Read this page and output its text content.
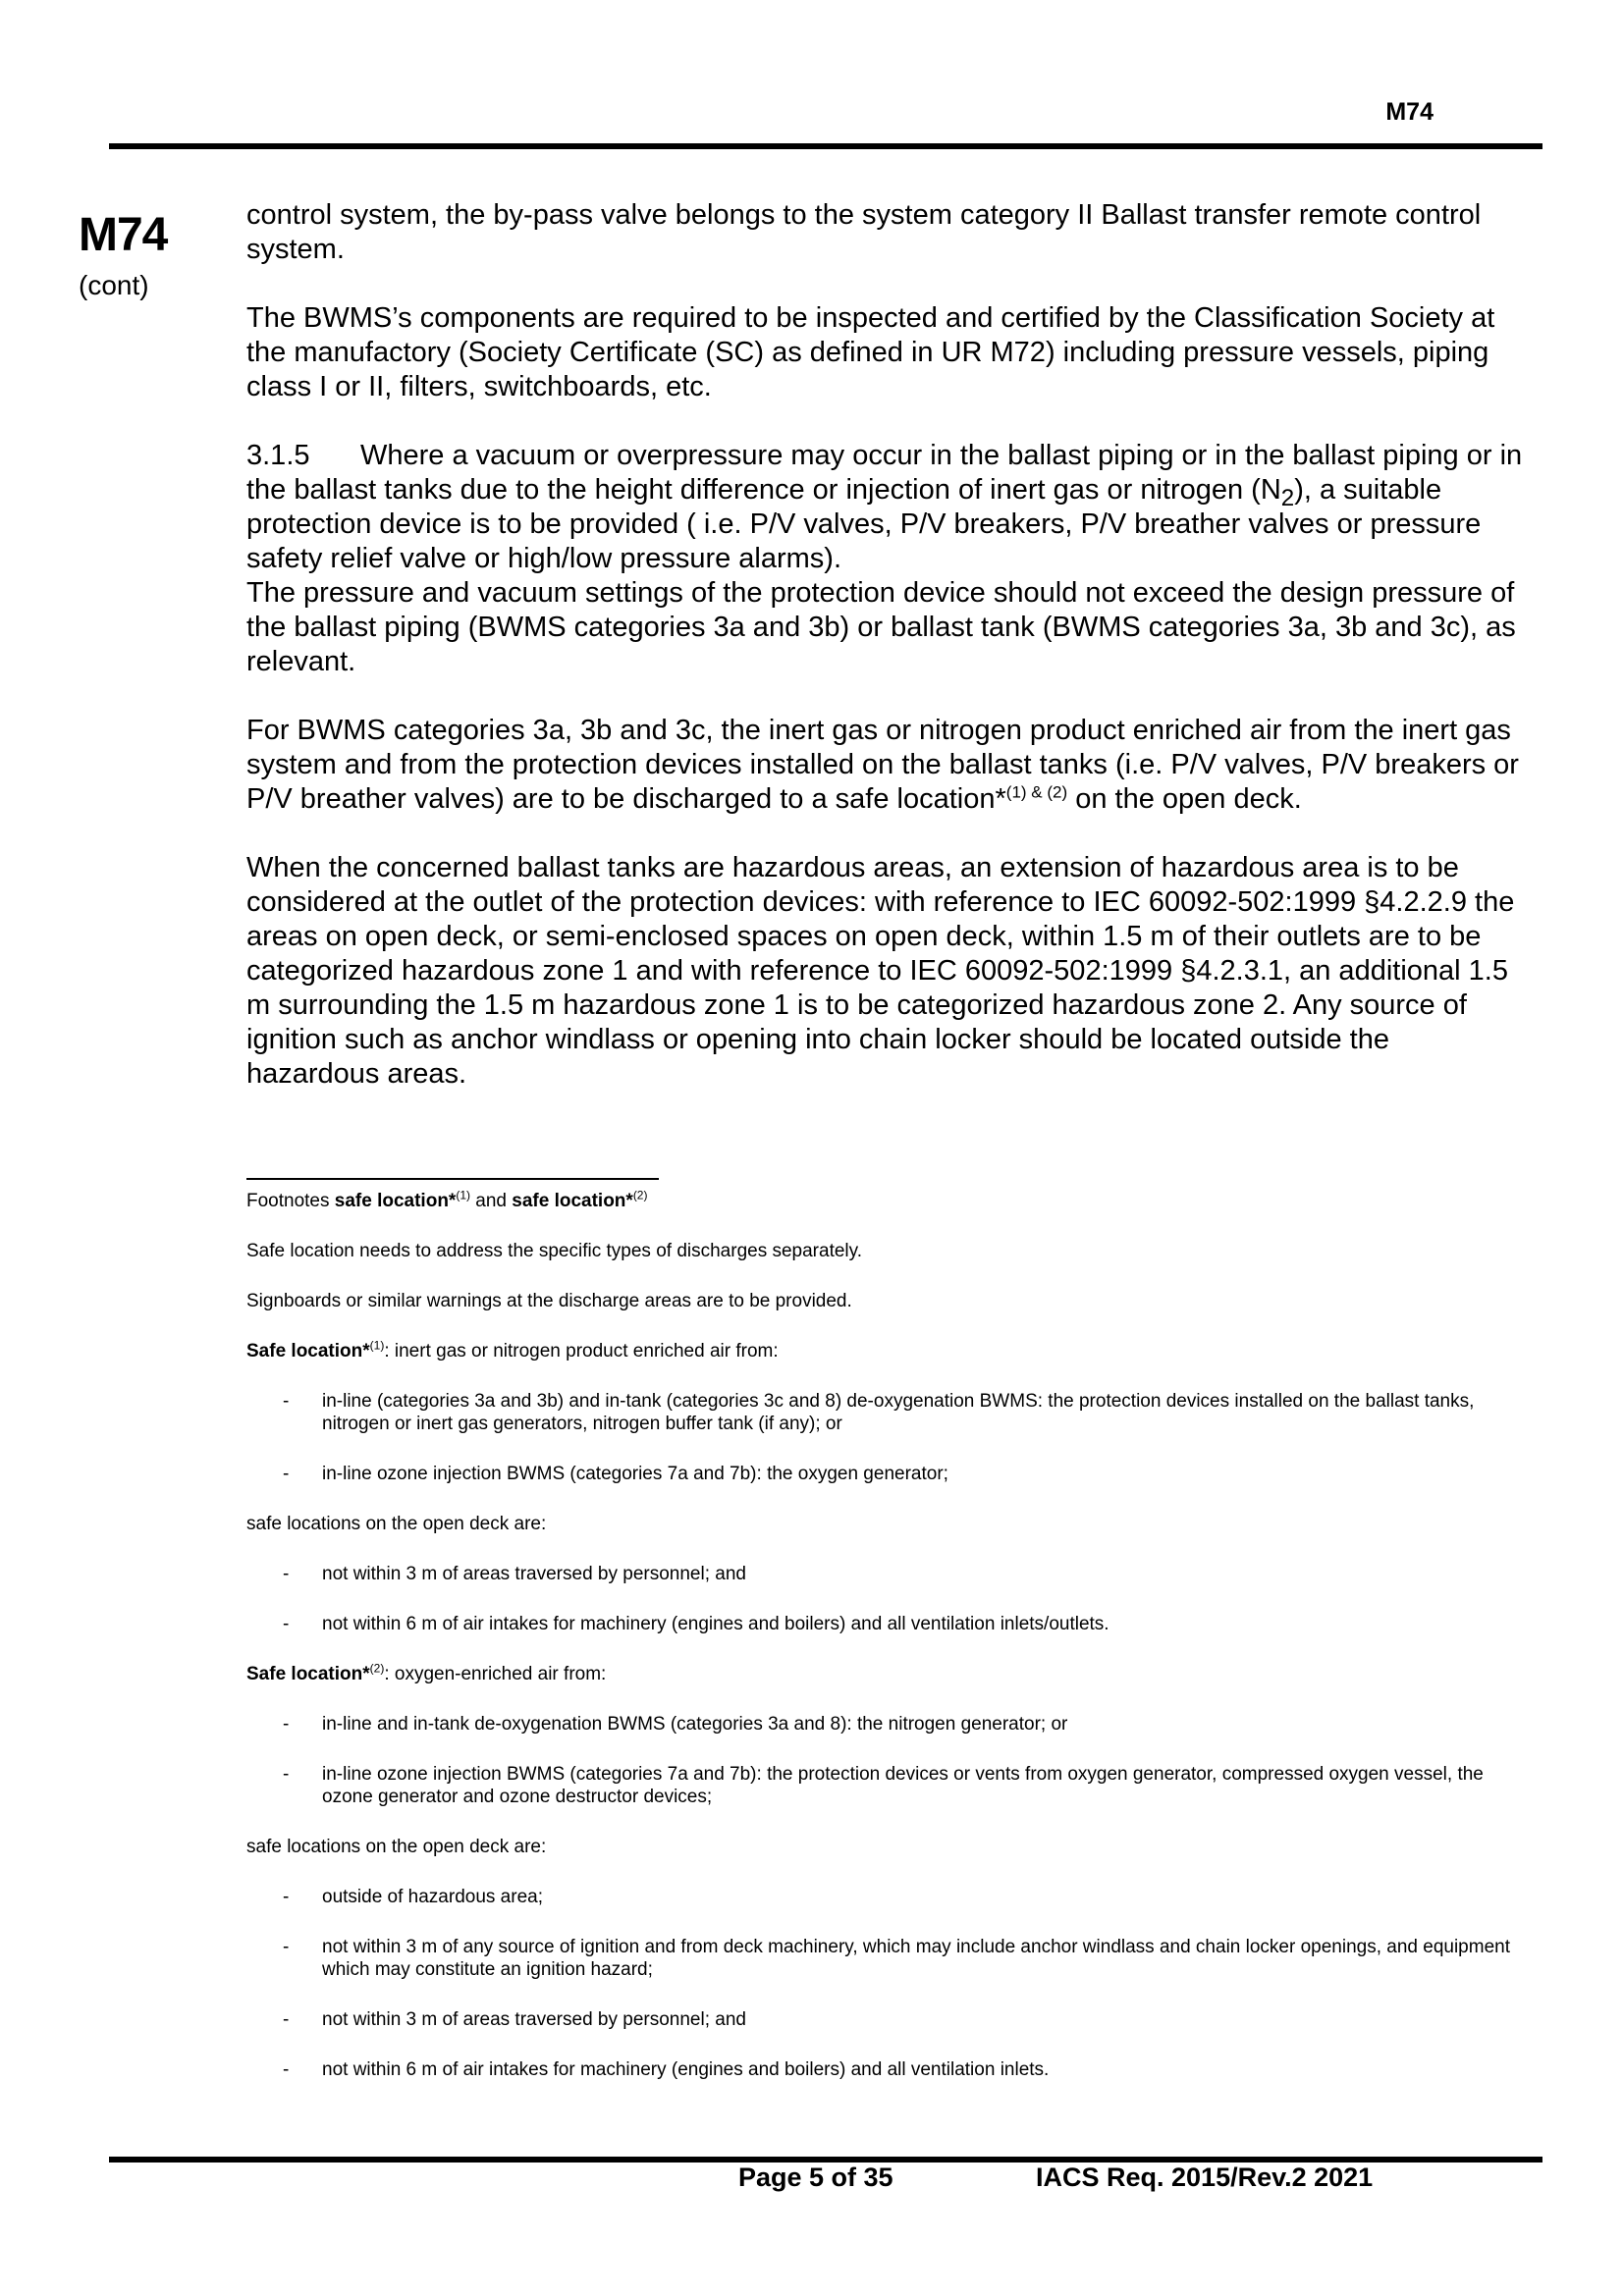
M74
M74
(cont)

control system, the by-pass valve belongs to the system category II Ballast transfer remote control system.

The BWMS’s components are required to be inspected and certified by the Classification Society at the manufactory (Society Certificate (SC) as defined in UR M72) including pressure vessels, piping class I or II, filters, switchboards, etc.

3.1.5 Where a vacuum or overpressure may occur in the ballast piping or in the ballast piping or in the ballast tanks due to the height difference or injection of inert gas or nitrogen $(N_2)$, a suitable protection device is to be provided ( i.e. P/V valves, P/V breakers, P/V breather valves or pressure safety relief valve or high/low pressure alarms).

The pressure and vacuum settings of the protection device should not exceed the design pressure of the ballast piping (BWMS categories 3a and 3b) or ballast tank (BWMS categories 3a, 3b and 3c), as relevant.

For BWMS categories 3a, 3b and 3c, the inert gas or nitrogen product enriched air from the inert gas system and from the protection devices installed on the ballast tanks (i.e. P/V valves, P/V breakers or P/V breather valves) are to be discharged to a safe location*$^{(1) \& (2)}$ on the open deck.

When the concerned ballast tanks are hazardous areas, an extension of hazardous area is to be considered at the outlet of the protection devices: with reference to IEC 60092-502:1999 §4.2.2.9 the areas on open deck, or semi-enclosed spaces on open deck, within 1.5 m of their outlets are to be categorized hazardous zone 1 and with reference to IEC 60092-502:1999 §4.2.3.1, an additional 1.5 m surrounding the 1.5 m hazardous zone 1 is to be categorized hazardous zone 2. Any source of ignition such as anchor windlass or opening into chain locker should be located outside the hazardous areas.

Footnotes safe location*$^{(1)}$ and safe location*$^{(2)}$

Safe location needs to address the specific types of discharges separately.

Signboards or similar warnings at the discharge areas are to be provided.

Safe location*$^{(1)}$: inert gas or nitrogen product enriched air from:

- in-line (categories 3a and 3b) and in-tank (categories 3c and 8) de-oxygenation BWMS: the protection devices installed on the ballast tanks, nitrogen or inert gas generators, nitrogen buffer tank (if any); or
- in-line ozone injection BWMS (categories 7a and 7b): the oxygen generator;

safe locations on the open deck are:

- not within 3 m of areas traversed by personnel; and
- not within 6 m of air intakes for machinery (engines and boilers) and all ventilation inlets/outlets.

Safe location*$^{(2)}$: oxygen-enriched air from:

- in-line and in-tank de-oxygenation BWMS (categories 3a and 8): the nitrogen generator; or
- in-line ozone injection BWMS (categories 7a and 7b): the protection devices or vents from oxygen generator, compressed oxygen vessel, the ozone generator and ozone destructor devices;

safe locations on the open deck are:

- outside of hazardous area;
- not within 3 m of any source of ignition and from deck machinery, which may include anchor windlass and chain locker openings, and equipment which may constitute an ignition hazard;
- not within 3 m of areas traversed by personnel; and
- not within 6 m of air intakes for machinery (engines and boilers) and all ventilation inlets.
Page 5 of 35	IACS Req. 2015/Rev.2 2021
